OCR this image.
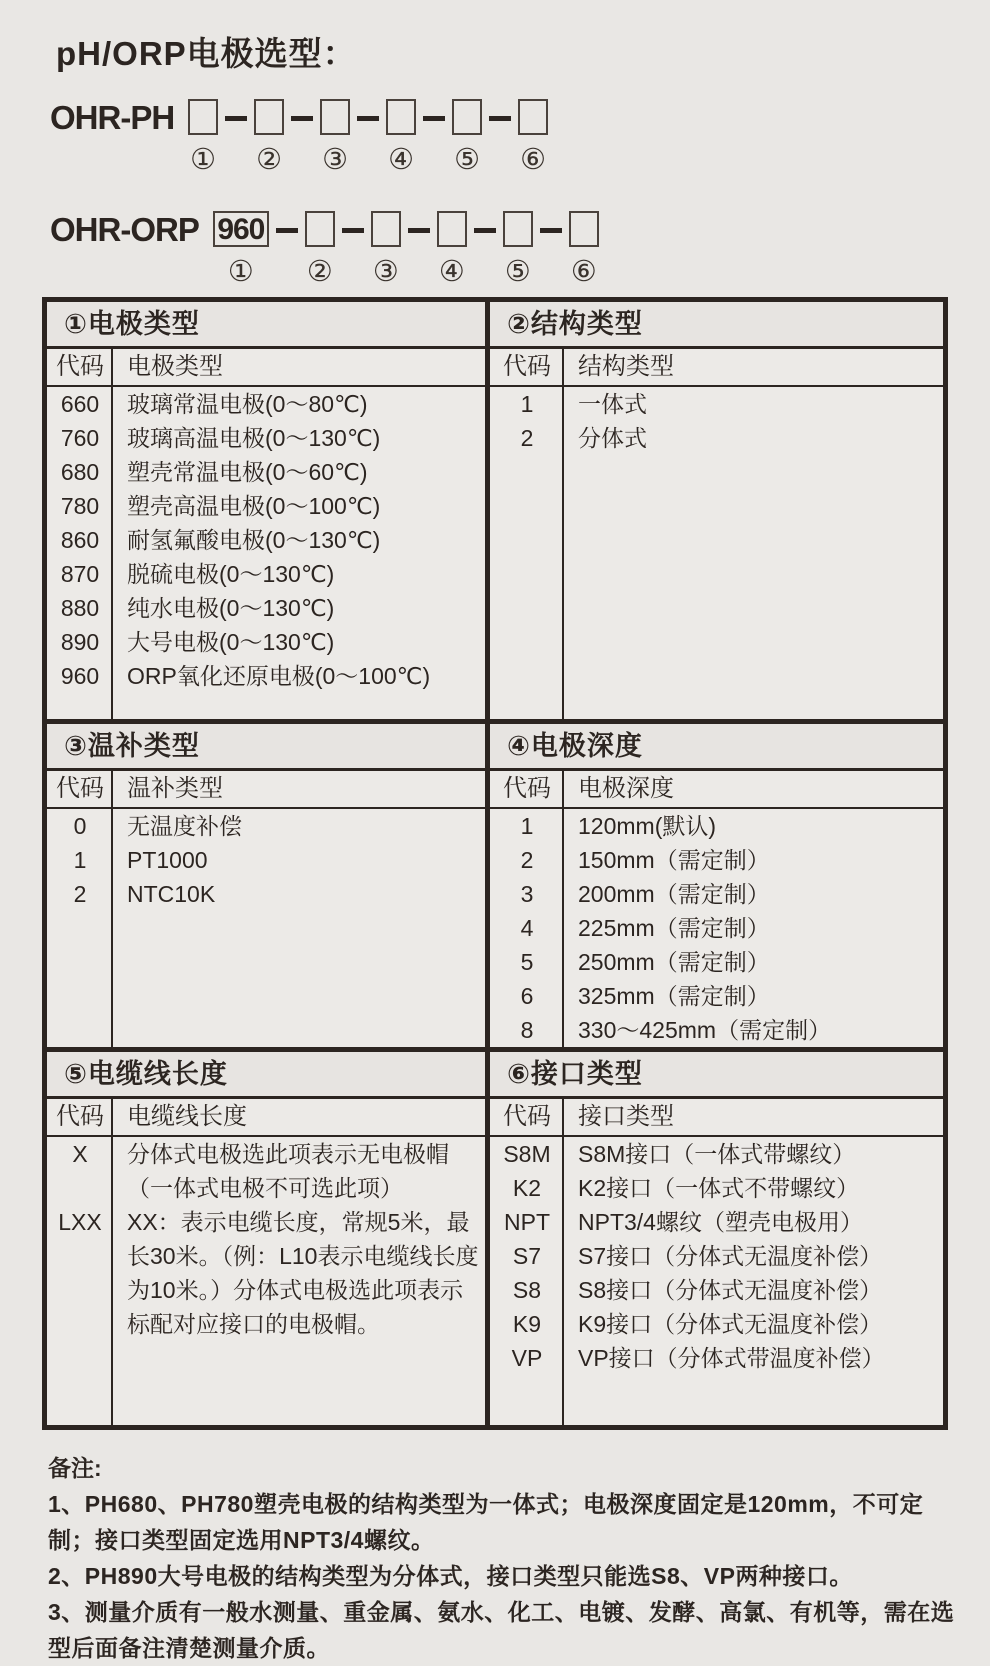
pH/ORP电极选型：
OHR-PH
① ② ③ ④ ⑤ ⑥
OHR-ORP 960
① ② ③ ④ ⑤ ⑥
①电极类型
代码 电极类型
660	玻璃常温电极(0～80℃)
760	玻璃高温电极(0～130℃)
680	塑壳常温电极(0～60℃)
780	塑壳高温电极(0～100℃)
860	耐氢氟酸电极(0～130℃)
870	脱硫电极(0～130℃)
880	纯水电极(0～130℃)
890	大号电极(0～130℃)
960	ORP氧化还原电极(0～100℃)
②结构类型
代码	结构类型
1	一体式
2	分体式
③温补类型
代码 温补类型
0	无温度补偿
1	PT1000
2	NTC10K
④电极深度
代码	电极深度
1	120mm(默认)
2	150mm（需定制）
3	200mm（需定制）
4	225mm（需定制）
5	250mm（需定制）
6	325mm（需定制）
8	330～425mm（需定制）
⑤电缆线长度
代码 电缆线长度
X	分体式电极选此项表示无电极帽（一体式电极不可选此项）
LXX	XX：表示电缆长度，常规5米，最长30米。（例：L10表示电缆线长度为10米。）分体式电极选此项表示标配对应接口的电极帽。
⑥接口类型
代码	接口类型
S8M	S8M接口（一体式带螺纹）
K2	K2接口（一体式不带螺纹）
NPT	NPT3/4螺纹（塑壳电极用）
S7	S7接口（分体式无温度补偿）
S8	S8接口（分体式无温度补偿）
K9	K9接口（分体式无温度补偿）
VP	VP接口（分体式带温度补偿）
备注:
1、PH680、PH780塑壳电极的结构类型为一体式；电极深度固定是120mm，不可定制；接口类型固定选用NPT3/4螺纹。
2、PH890大号电极的结构类型为分体式，接口类型只能选S8、VP两种接口。
3、测量介质有一般水测量、重金属、氨水、化工、电镀、发酵、高氯、有机等，需在选型后面备注清楚测量介质。
